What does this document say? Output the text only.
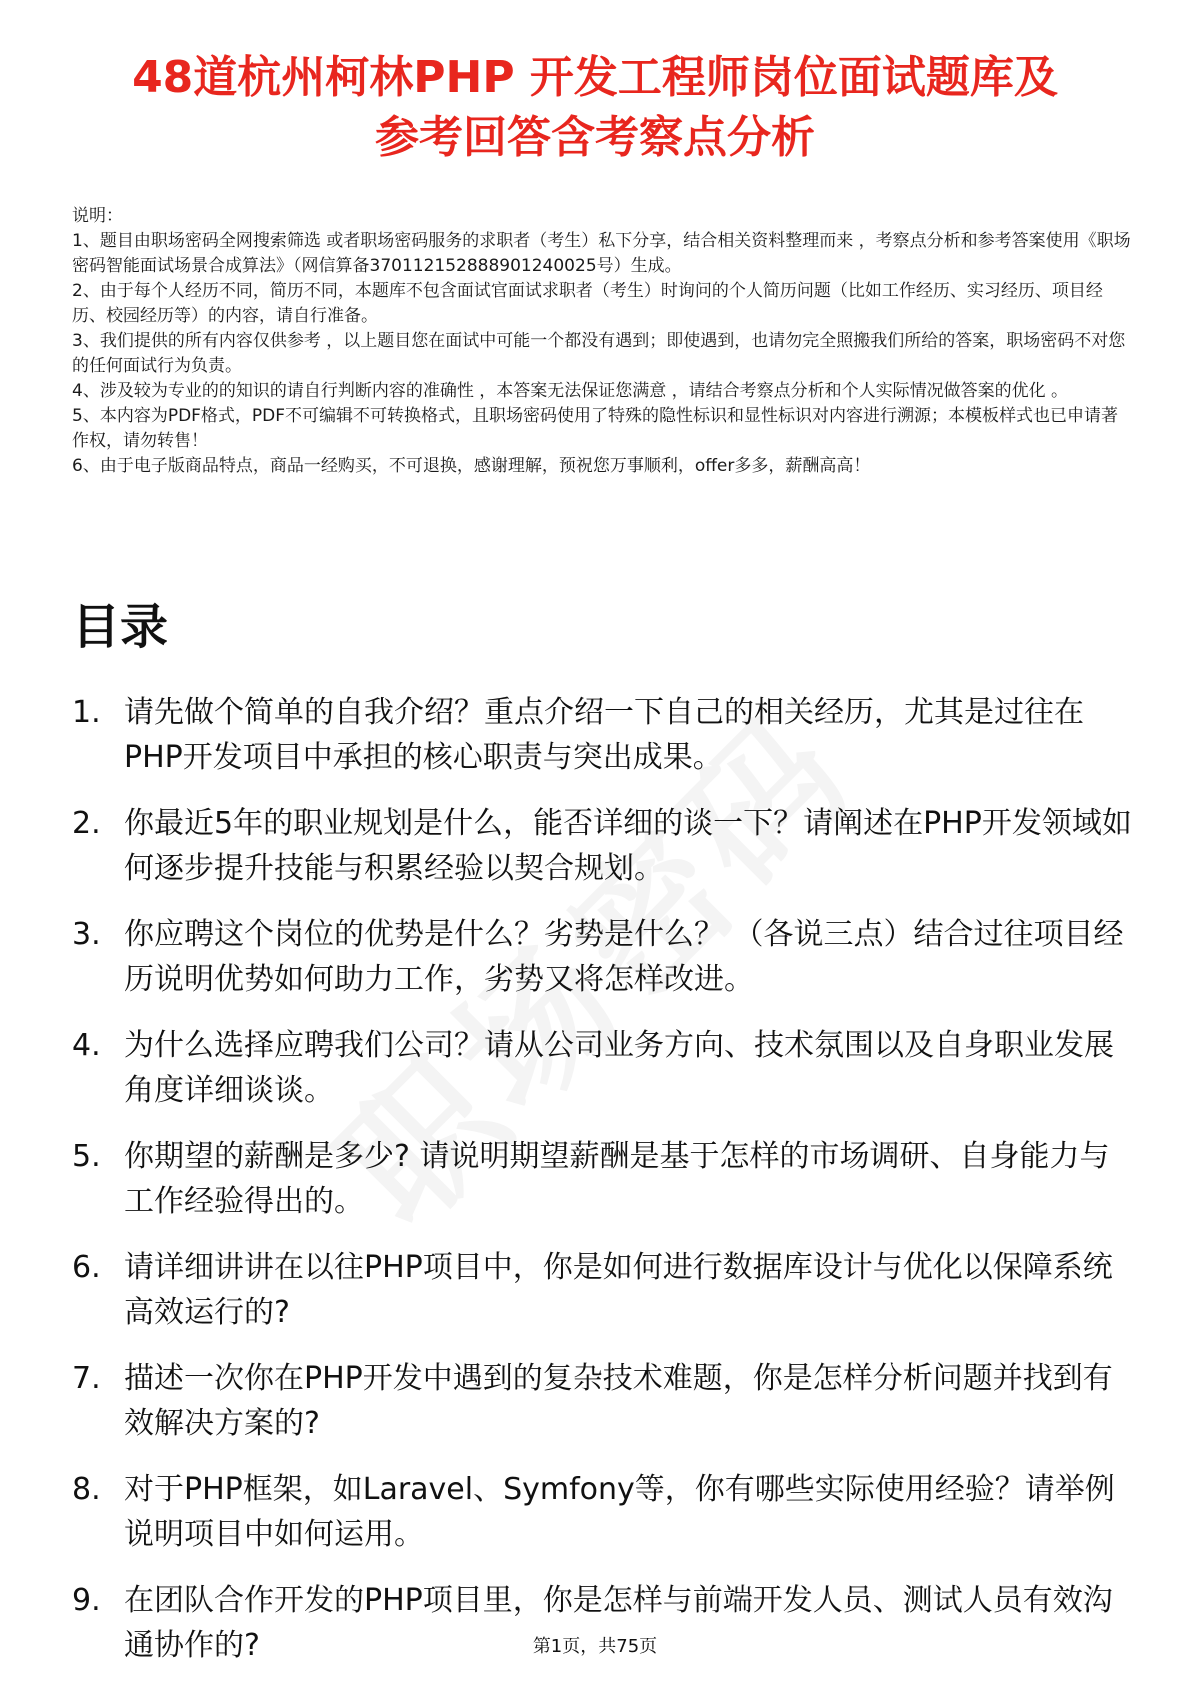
48道杭州柯林PHP 开发工程师岗位面试题库及
参考回答含考察点分析

说明：

1、题目由职场密码全网搜索筛选 或者职场密码服务的求职者（考生）私下分享，结合相关资料整理而来 ，考察点分析和参考答案使用《职场密码智能面试场景合成算法》（网信算备370112152888901240025号）生成。

2、由于每个人经历不同，简历不同，本题库不包含面试官面试求职者（考生）时询问的个人简历问题（比如工作经历、实习经历、项目经历、校园经历等）的内容，请自行准备。

3、我们提供的所有内容仅供参考 ，以上题目您在面试中可能一个都没有遇到；即使遇到，也请勿完全照搬我们所给的答案，职场密码不对您的任何面试行为负责。

4、涉及较为专业的的知识的请自行判断内容的准确性 ，本答案无法保证您满意 ，请结合考察点分析和个人实际情况做答案的优化 。

5、本内容为PDF格式，PDF不可编辑不可转换格式，且职场密码使用了特殊的隐性标识和显性标识对内容进行溯源；本模板样式也已申请著作权，请勿转售！

6、由于电子版商品特点，商品一经购买，不可退换，感谢理解，预祝您万事顺利，offer多多，薪酬高高！

目录
1. 请先做个简单的自我介绍？重点介绍一下自己的相关经历，尤其是过往在PHP开发项目中承担的核心职责与突出成果。
2. 你最近5年的职业规划是什么，能否详细的谈一下？请阐述在PHP开发领域如何逐步提升技能与积累经验以契合规划。
3. 你应聘这个岗位的优势是什么？劣势是什么？ （各说三点）结合过往项目经历说明优势如何助力工作，劣势又将怎样改进。
4. 为什么选择应聘我们公司？请从公司业务方向、技术氛围以及自身职业发展角度详细谈谈。
5. 你期望的薪酬是多少? 请说明期望薪酬是基于怎样的市场调研、自身能力与工作经验得出的。
6. 请详细讲讲在以往PHP项目中，你是如何进行数据库设计与优化以保障系统高效运行的?
7. 描述一次你在PHP开发中遇到的复杂技术难题，你是怎样分析问题并找到有效解决方案的?
8. 对于PHP框架，如Laravel、Symfony等，你有哪些实际使用经验？请举例说明项目中如何运用。
9. 在团队合作开发的PHP项目里，你是怎样与前端开发人员、测试人员有效沟通协作的?	第1页，共75页
